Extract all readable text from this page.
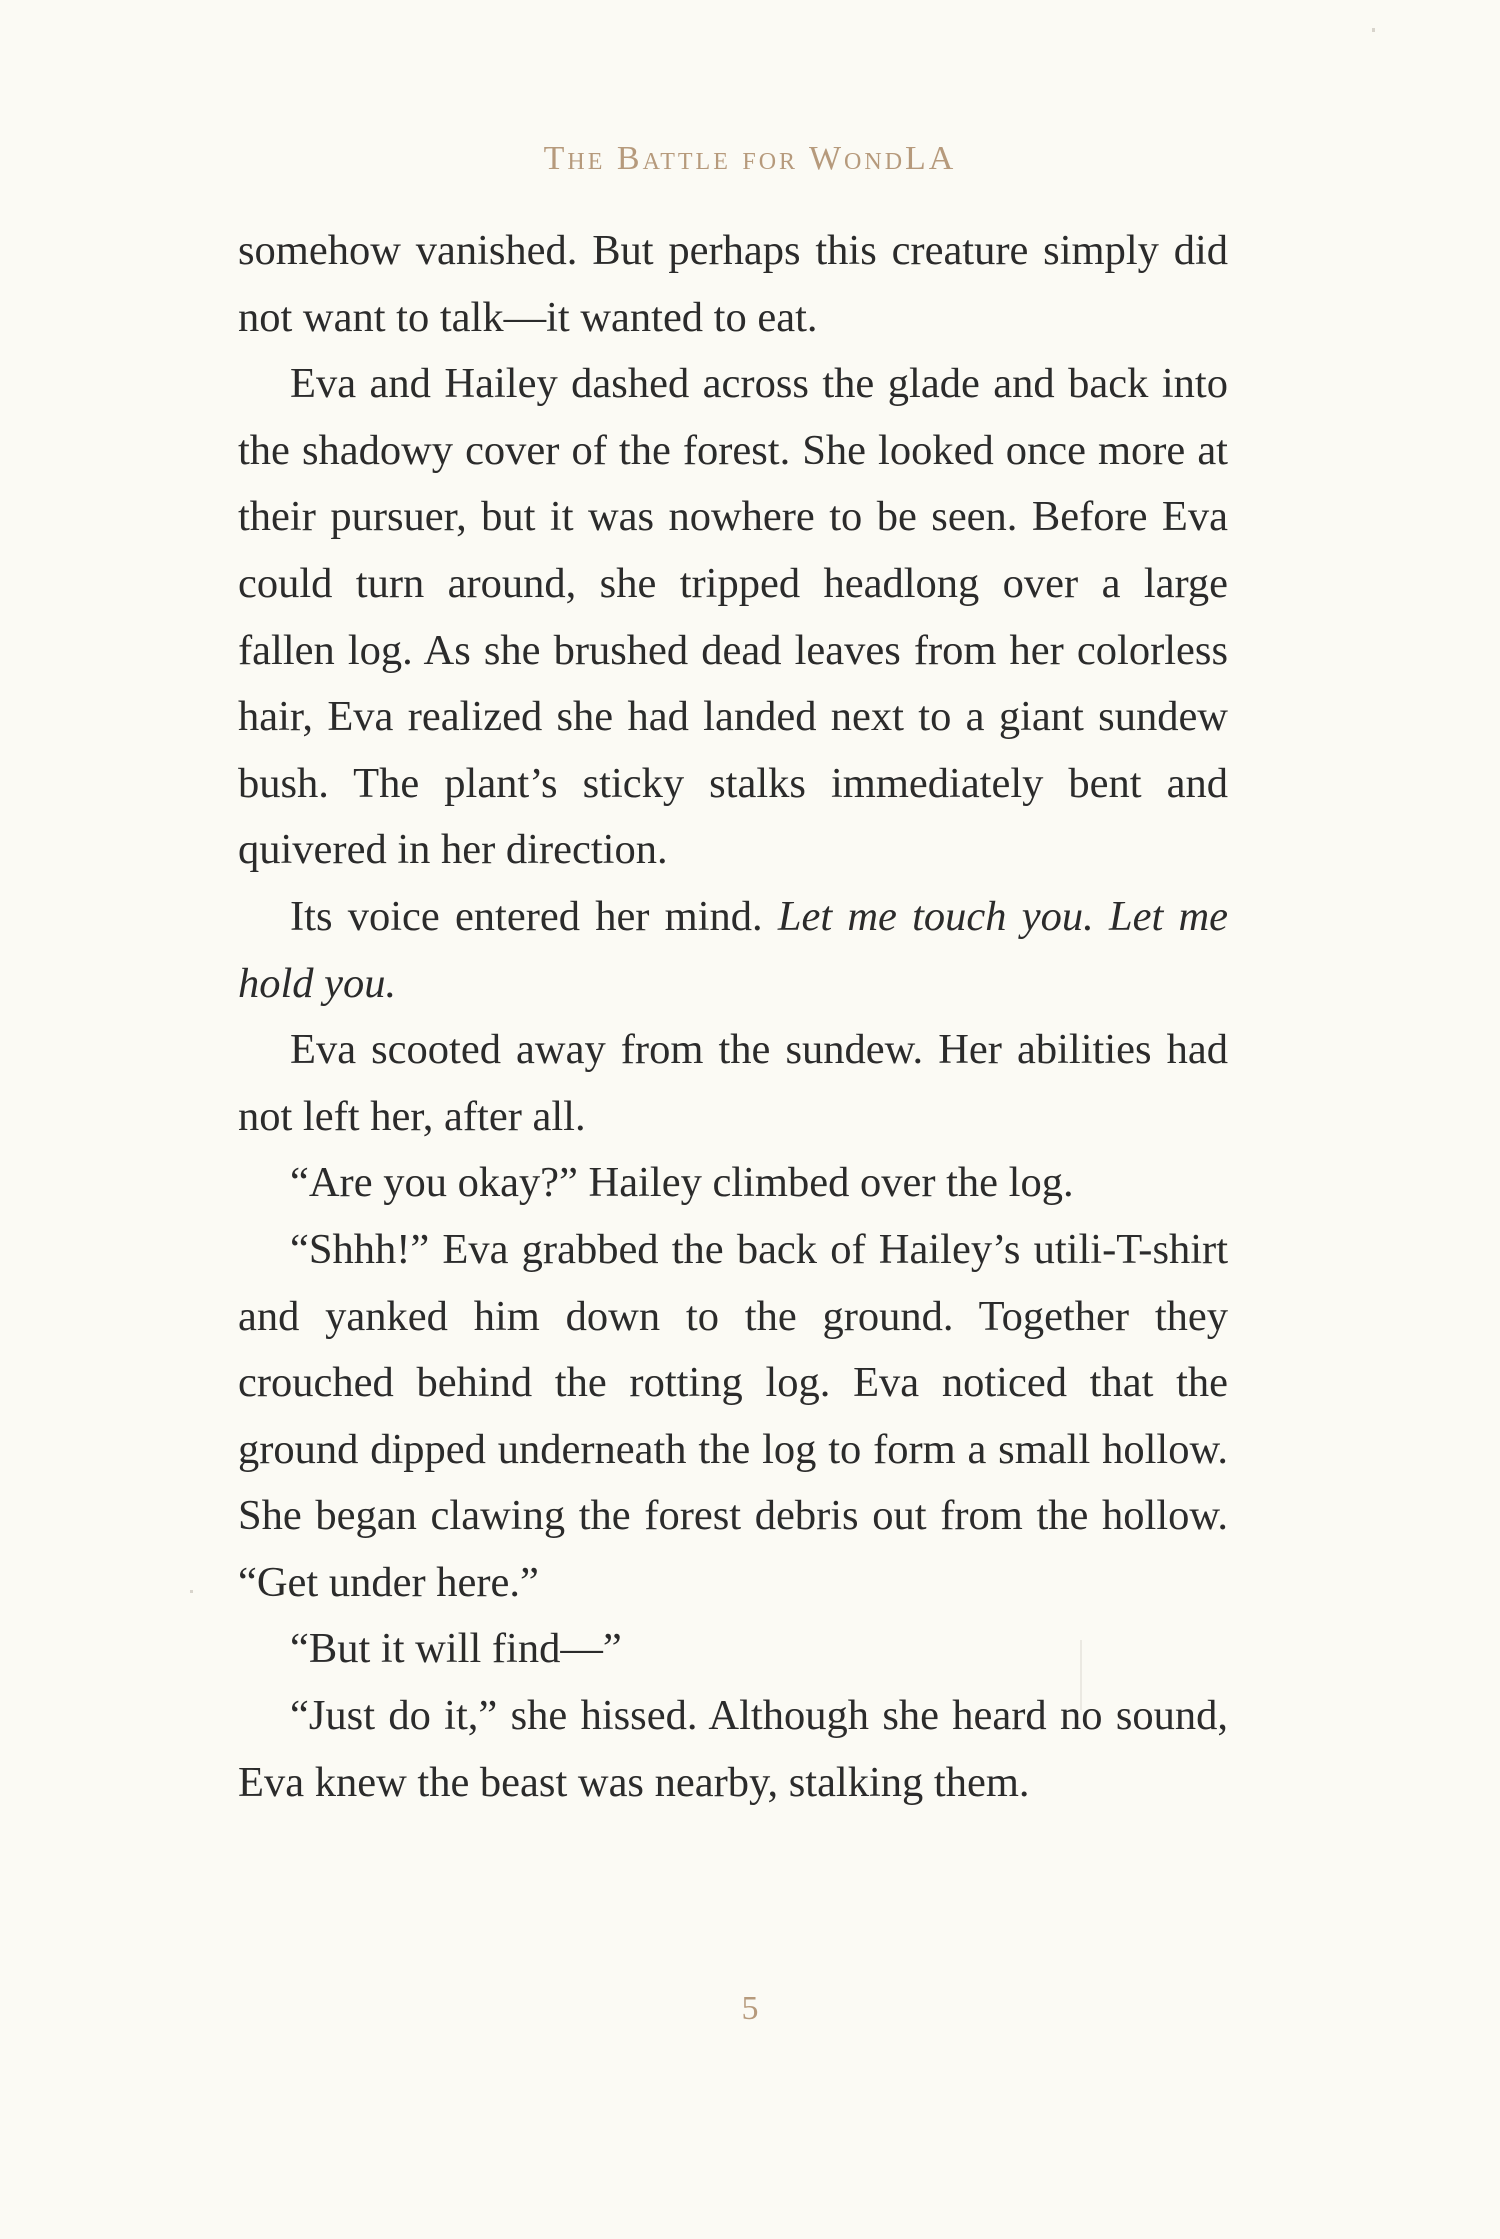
The Battle for WondLA

somehow vanished. But perhaps this creature simply did not want to talk—it wanted to eat.

Eva and Hailey dashed across the glade and back into the shadowy cover of the forest. She looked once more at their pursuer, but it was nowhere to be seen. Before Eva could turn around, she tripped headlong over a large fallen log. As she brushed dead leaves from her colorless hair, Eva realized she had landed next to a giant sundew bush. The plant’s sticky stalks immediately bent and quivered in her direction.

Its voice entered her mind. Let me touch you. Let me hold you.

Eva scooted away from the sundew. Her abilities had not left her, after all.

“Are you okay?” Hailey climbed over the log.

“Shhh!” Eva grabbed the back of Hailey’s utili-T-shirt and yanked him down to the ground. Together they crouched behind the rotting log. Eva noticed that the ground dipped underneath the log to form a small hollow. She began clawing the forest debris out from the hollow. “Get under here.”

“But it will find—”

“Just do it,” she hissed. Although she heard no sound, Eva knew the beast was nearby, stalking them.

5
